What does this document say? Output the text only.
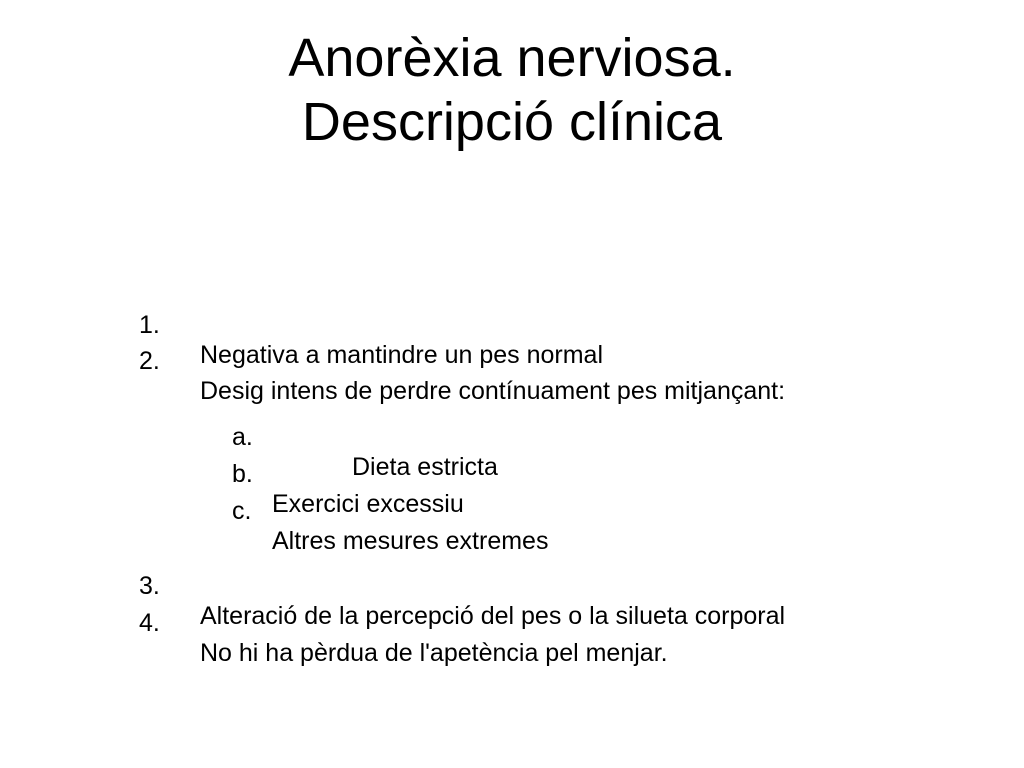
Anorèxia nerviosa.
Descripció clínica

1.

Negativa a mantindre un pes normal

2.

Desig intens de perdre contínuament pes mitjançant:

a.

Dieta estricta

b.

Exercici excessiu

c.

Altres mesures extremes

3.

Alteració de la percepció del pes o la silueta corporal

4.

No hi ha pèrdua de l'apetència pel menjar.
